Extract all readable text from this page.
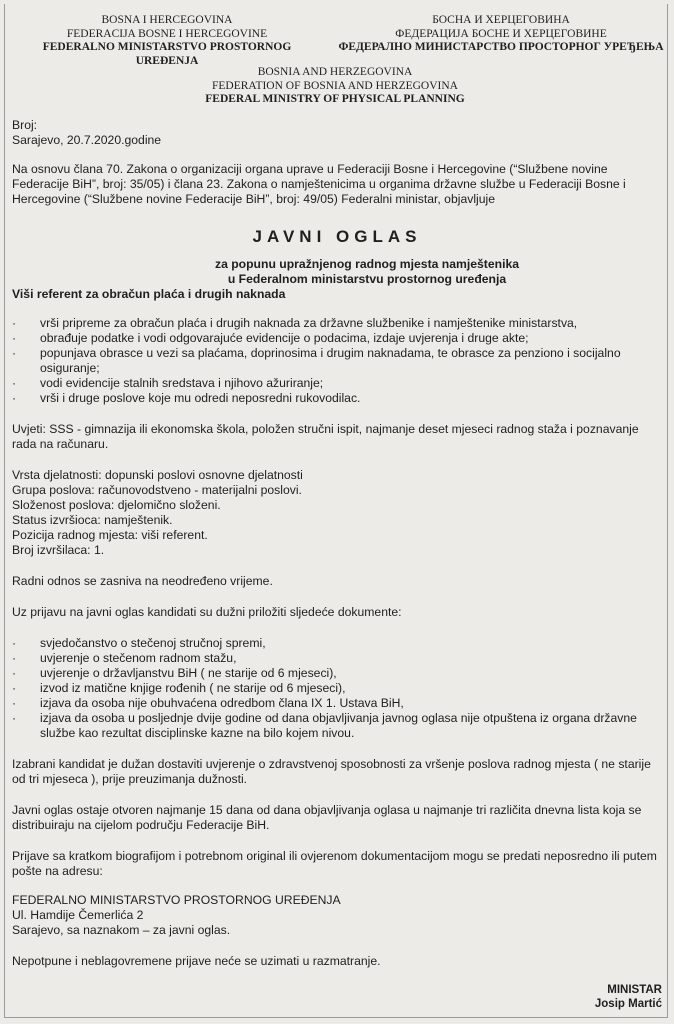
BOSNA I HERCEGOVINA
FEDERACIJA BOSNE I HERCEGOVINE
FEDERALNO MINISTARSTVO PROSTORNOG UREĐENJA
БОСНА И ХЕРЦЕГОВИНА
ФЕДЕРАЦИЈА БОСНЕ И ХЕРЦЕГОВИНЕ
ФЕДЕРАЛНО МИНИСТАРСТВО ПРОСТОРНОГ УРЕЂЕЊА
BOSNIA AND HERZEGOVINA
FEDERATION OF BOSNIA AND HERZEGOVINA
FEDERAL MINISTRY OF PHYSICAL PLANNING

Broj:

Sarajevo, 20.7.2020.godine

Na osnovu člana 70. Zakona o organizaciji organa uprave u Federaciji Bosne i Hercegovine (“Službene novine Federacije BiH”, broj: 35/05) i člana 23. Zakona o namještenicima u organima državne službe u Federaciji Bosne i Hercegovine (“Službene novine Federacije BiH”, broj: 49/05) Federalni ministar, objavljuje

JAVNI OGLAS
za popunu upražnjenog radnog mjesta namještenika
u Federalnom ministarstvu prostornog uređenja

Viši referent za obračun plaća i drugih naknada

· vrši pripreme za obračun plaća i drugih naknada za državne službenike i namještenike ministarstva,
· obrađuje podatke i vodi odgovarajuće evidencije o podacima, izdaje uvjerenja i druge akte;
· popunjava obrasce u vezi sa plaćama, doprinosima i drugim naknadama, te obrasce za penziono i socijalno osiguranje;
· vodi evidencije stalnih sredstava i njihovo ažuriranje;
· vrši i druge poslove koje mu odredi neposredni rukovodilac.

Uvjeti: SSS - gimnazija ili ekonomska škola, položen stručni ispit, najmanje deset mjeseci radnog staža i poznavanje rada na računaru.

Vrsta djelatnosti: dopunski poslovi osnovne djelatnosti

Grupa poslova: računovodstveno - materijalni poslovi.

Složenost poslova: djelomično složeni.

Status izvršioca: namještenik.

Pozicija radnog mjesta: viši referent.

Broj izvršilaca: 1.

Radni odnos se zasniva na neodređeno vrijeme.

Uz prijavu na javni oglas kandidati su dužni priložiti sljedeće dokumente:

· svjedočanstvo o stečenoj stručnoj spremi,
· uvjerenje o stečenom radnom stažu,
· uvjerenje o državljanstvu BiH ( ne starije od 6 mjeseci),
· izvod iz matične knjige rođenih ( ne starije od 6 mjeseci),
· izjava da osoba nije obuhvaćena odredbom člana IX 1. Ustava BiH,
· izjava da osoba u posljednje dvije godine od dana objavljivanja javnog oglasa nije otpuštena iz organa državne službe kao rezultat disciplinske kazne na bilo kojem nivou.

Izabrani kandidat je dužan dostaviti uvjerenje o zdravstvenoj sposobnosti za vršenje poslova radnog mjesta ( ne starije od tri mjeseca ), prije preuzimanja dužnosti.

Javni oglas ostaje otvoren najmanje 15 dana od dana objavljivanja oglasa u najmanje tri različita dnevna lista koja se distribuiraju na cijelom području Federacije BiH.

Prijave sa kratkom biografijom i potrebnom original ili ovjerenom dokumentacijom mogu se predati neposredno ili putem pošte na adresu:

FEDERALNO MINISTARSTVO PROSTORNOG UREĐENJA

Ul. Hamdije Čemerlića 2

Sarajevo, sa naznakom – za javni oglas.

Nepotpune i neblagovremene prijave neće se uzimati u razmatranje.

MINISTAR
Josip Martić
